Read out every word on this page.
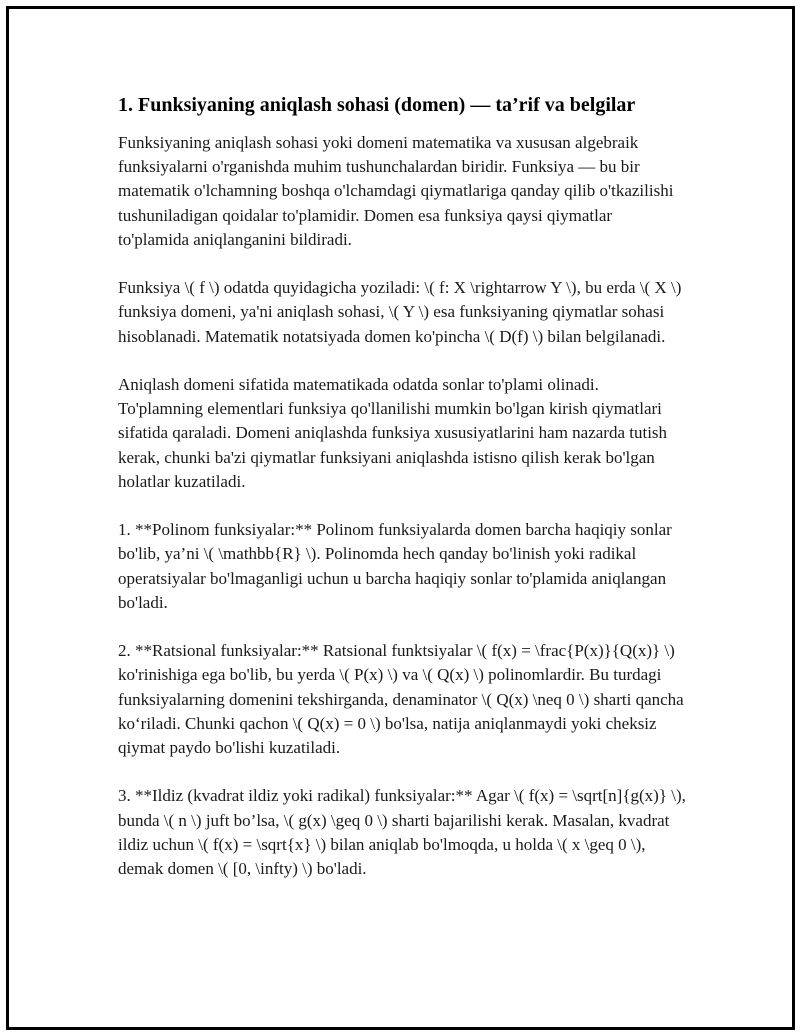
1. Funksiyaning aniqlash sohasi (domen) — ta’rif va belgilar

Funksiyaning aniqlash sohasi yoki domeni matematika va xususan algebraik funksiyalarni o'rganishda muhim tushunchalardan biridir. Funksiya — bu bir matematik o'lchamning boshqa o'lchamdagi qiymatlariga qanday qilib o'tkazilishi tushuniladigan qoidalar to'plamidir. Domen esa funksiya qaysi qiymatlar to'plamida aniqlanganini bildiradi.

Funksiya \( f \) odatda quyidagicha yoziladi: \( f: X \rightarrow Y \), bu erda \( X \) funksiya domeni, ya'ni aniqlash sohasi, \( Y \) esa funksiyaning qiymatlar sohasi hisoblanadi. Matematik notatsiyada domen ko'pincha \( D(f) \) bilan belgilanadi.

Aniqlash domeni sifatida matematikada odatda sonlar to'plami olinadi. To'plamning elementlari funksiya qo'llanilishi mumkin bo'lgan kirish qiymatlari sifatida qaraladi. Domeni aniqlashda funksiya xususiyatlarini ham nazarda tutish kerak, chunki ba'zi qiymatlar funksiyani aniqlashda istisno qilish kerak bo'lgan holatlar kuzatiladi.

1. **Polinom funksiyalar:** Polinom funksiyalarda domen barcha haqiqiy sonlar bo'lib, ya’ni \( \mathbb{R} \). Polinomda hech qanday bo'linish yoki radikal operatsiyalar bo'lmaganligi uchun u barcha haqiqiy sonlar to'plamida aniqlangan bo'ladi.

2. **Ratsional funksiyalar:** Ratsional funktsiyalar \( f(x) = \frac{P(x)}{Q(x)} \) ko'rinishiga ega bo'lib, bu yerda \( P(x) \) va \( Q(x) \) polinomlardir. Bu turdagi funksiyalarning domenini tekshirganda, denaminator \( Q(x) \neq 0 \) sharti qancha ko‘riladi. Chunki qachon \( Q(x) = 0 \) bo'lsa, natija aniqlanmaydi yoki cheksiz qiymat paydo bo'lishi kuzatiladi.

3. **Ildiz (kvadrat ildiz yoki radikal) funksiyalar:** Agar \( f(x) = \sqrt[n]{g(x)} \), bunda \( n \) juft bo’lsa, \( g(x) \geq 0 \) sharti bajarilishi kerak. Masalan, kvadrat ildiz uchun \( f(x) = \sqrt{x} \) bilan aniqlab bo'lmoqda, u holda \( x \geq 0 \), demak domen \( [0, \infty) \) bo'ladi.
